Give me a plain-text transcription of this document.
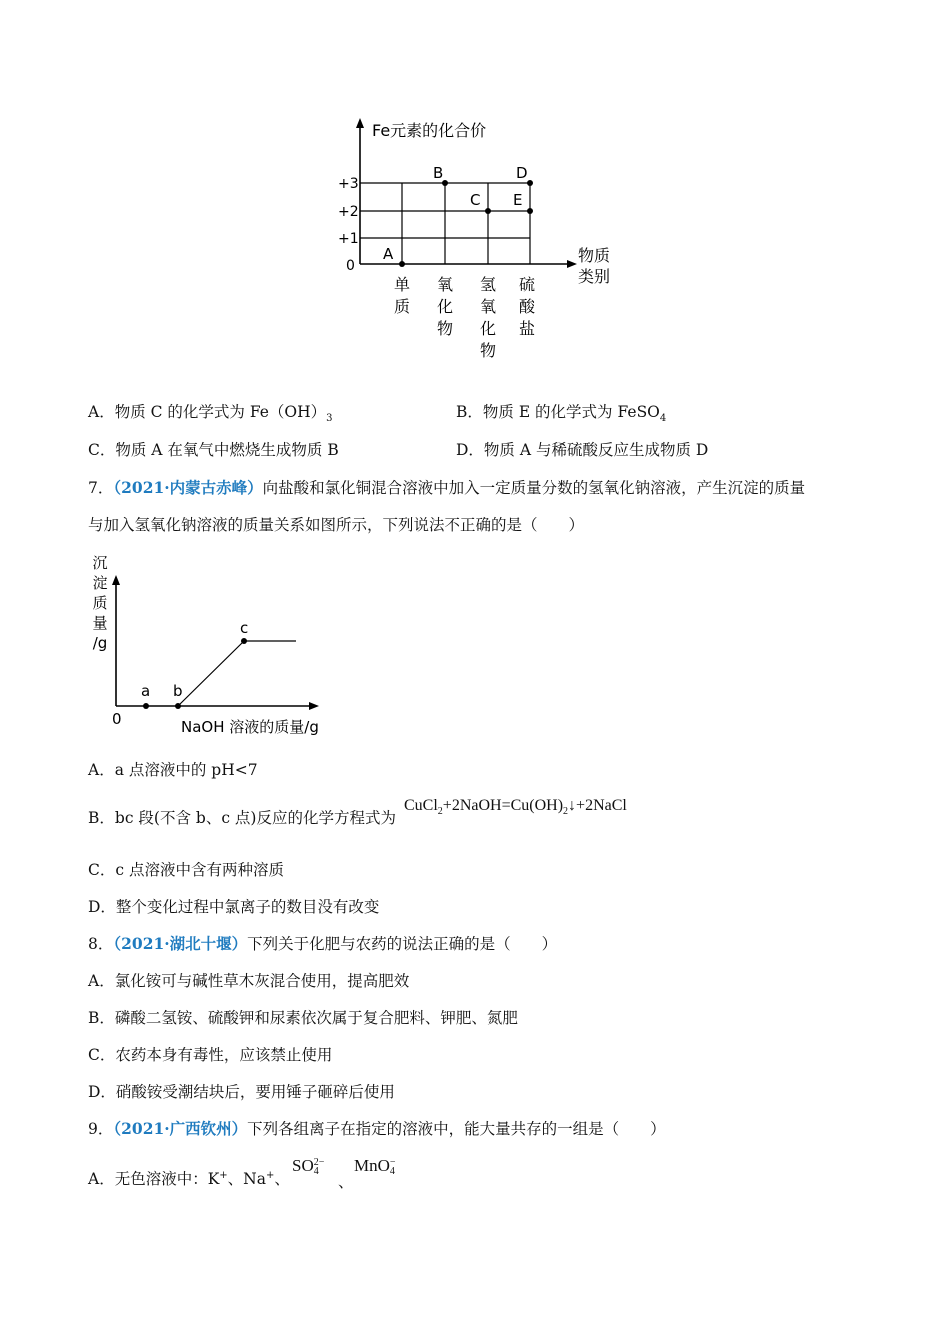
Fe元素的化合价
物质
类别
+3
+2
+1
0
单
质
氧
化
物
氢
氧
化
物
硫
酸
盐
A
B
C
D
E
A．物质 C 的化学式为 $Fe(OH)_3$	B．物质 E 的化学式为 FeSO$_4$
C．物质 A 在氧气中燃烧生成物质 B	D．物质 A 与稀硫酸反应生成物质 D
7．（2021·内蒙古赤峰）向盐酸和氯化铜混合溶液中加入一定质量分数的氢氧化钠溶液，产生沉淀的质量
与加入氢氧化钠溶液的质量关系如图所示，下列说法不正确的是（　　）
a b
c
0
沉
淀
质
量
/g
NaOH 溶液的质量/g
A．a 点溶液中的 pH<7
B．bc 段(不含 b、c 点)反应的化学方程式为
$CuCl_2+2NaOH=Cu(OH)_2↓+2NaCl$
C．c 点溶液中含有两种溶质
D．整个变化过程中氯离子的数目没有改变
8．（2021·湖北十堰）下列关于化肥与农药的说法正确的是（　　）
A．氯化铵可与碱性草木灰混合使用，提高肥效
B．磷酸二氢铵、硫酸钾和尿素依次属于复合肥料、钾肥、氮肥
C．农药本身有毒性，应该禁止使用
D．硝酸铵受潮结块后，要用锤子砸碎后使用
9．（2021·广西钦州）下列各组离子在指定的溶液中，能大量共存的一组是（　　）
A．无色溶液中：K+、Na+、
SO 2−
4
、
MnO −
4
